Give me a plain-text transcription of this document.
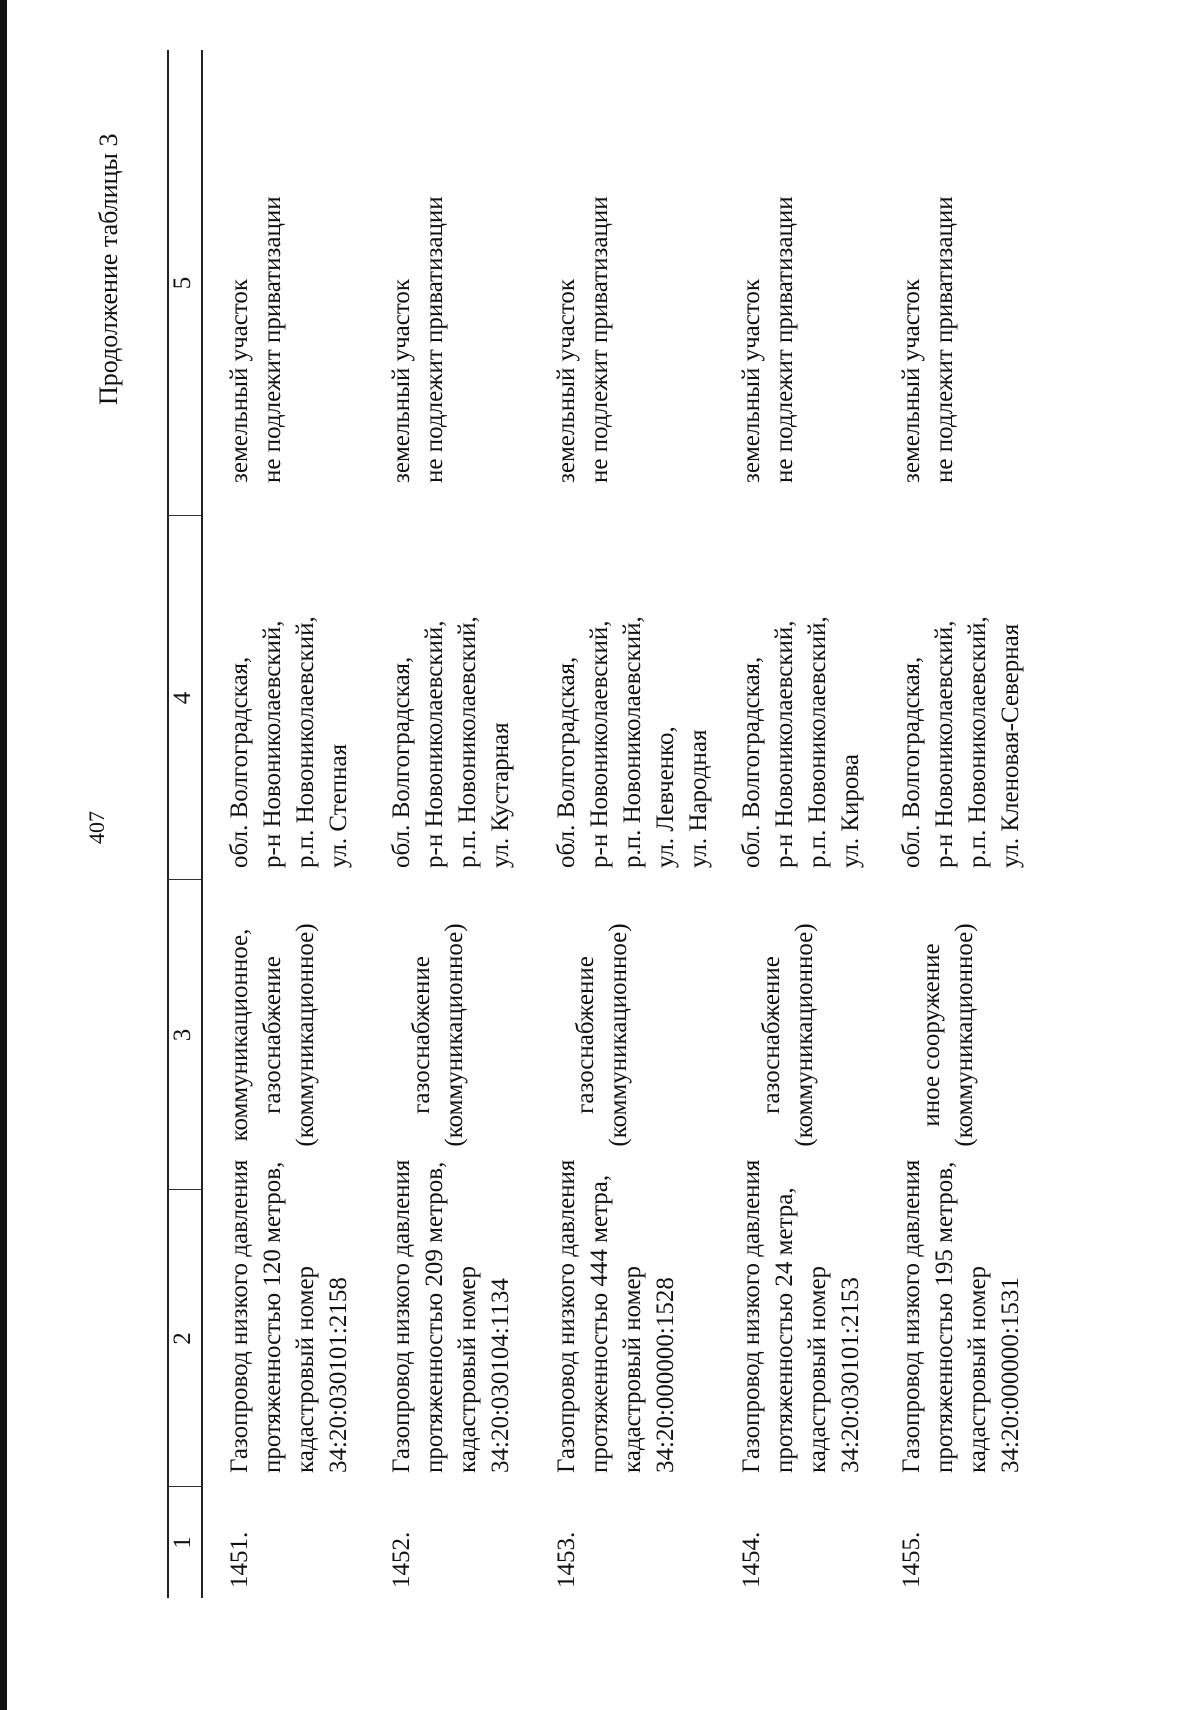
407
Продолжение таблицы 3
1
2
3
4
5
1451.
Газопровод низкого давления
протяженностью 120 метров,
кадастровый номер
34:20:030101:2158
коммуникационное,
газоснабжение
(коммуникационное)
обл. Волгоградская,
р-н Новониколаевский,
р.п. Новониколаевский,
ул. Степная
земельный участок
не подлежит приватизации
1452.
Газопровод низкого давления
протяженностью 209 метров,
кадастровый номер
34:20:030104:1134
газоснабжение
(коммуникационное)
обл. Волгоградская,
р-н Новониколаевский,
р.п. Новониколаевский,
ул. Кустарная
земельный участок
не подлежит приватизации
1453.
Газопровод низкого давления
протяженностью 444 метра,
кадастровый номер
34:20:000000:1528
газоснабжение
(коммуникационное)
обл. Волгоградская,
р-н Новониколаевский,
р.п. Новониколаевский,
ул. Левченко,
ул. Народная
земельный участок
не подлежит приватизации
1454.
Газопровод низкого давления
протяженностью 24 метра,
кадастровый номер
34:20:030101:2153
газоснабжение
(коммуникационное)
обл. Волгоградская,
р-н Новониколаевский,
р.п. Новониколаевский,
ул. Кирова
земельный участок
не подлежит приватизации
1455.
Газопровод низкого давления
протяженностью 195 метров,
кадастровый номер
34:20:000000:1531
иное сооружение
(коммуникационное)
обл. Волгоградская,
р-н Новониколаевский,
р.п. Новониколаевский,
ул. Кленовая-Северная
земельный участок
не подлежит приватизации
